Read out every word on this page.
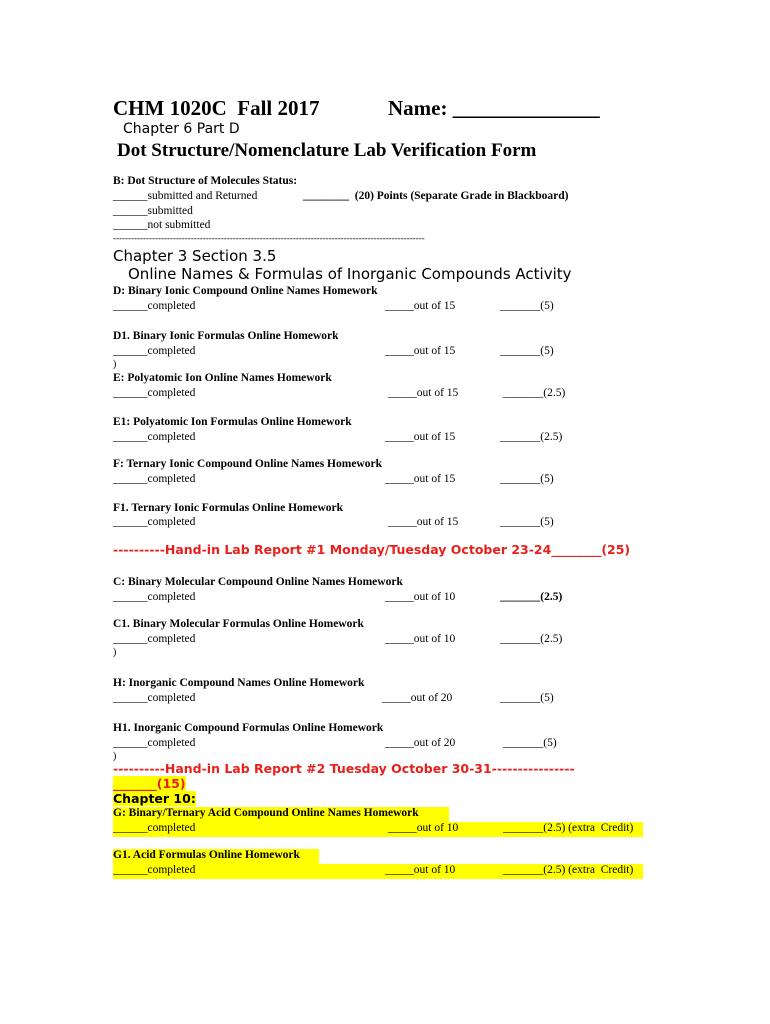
CHM 1020C  Fall 2017	Name: ______________
Chapter 6 Part D
Dot Structure/Nomenclature Lab Verification Form
B: Dot Structure of Molecules Status:
______submitted and Returned	________  (20) Points (Separate Grade in Blackboard)
______submitted
______not submitted
--------------------------------------------------------------------------------------------------------
Chapter 3 Section 3.5
Online Names & Formulas of Inorganic Compounds Activity
D: Binary Ionic Compound Online Names Homework
______completed	_____out of 15	_______(5)
D1. Binary Ionic Formulas Online Homework
______completed	_____out of 15	_______(5)
)
E: Polyatomic Ion Online Names Homework
______completed	_____out of 15	_______(2.5)
E1: Polyatomic Ion Formulas Online Homework
______completed	_____out of 15	_______(2.5)
F: Ternary Ionic Compound Online Names Homework
______completed	_____out of 15	_______(5)
F1. Ternary Ionic Formulas Online Homework
______completed	_____out of 15	_______(5)
----------Hand-in Lab Report #1 Monday/Tuesday October 23-24________(25)
C: Binary Molecular Compound Online Names Homework
______completed	_____out of 10	_______(2.5)
C1. Binary Molecular Formulas Online Homework
______completed	_____out of 10	_______(2.5)
)
H: Inorganic Compound Names Online Homework
______completed	_____out of 20	_______(5)
H1. Inorganic Compound Formulas Online Homework
______completed	_____out of 20	_______(5)
)
----------Hand-in Lab Report #2 Tuesday October 30-31----------------
_______(15)
Chapter 10:
G: Binary/Ternary Acid Compound Online Names Homework
______completed	_____out of 10	_______(2.5) (extra  Credit)
G1. Acid Formulas Online Homework
______completed	_____out of 10	_______(2.5) (extra  Credit)
